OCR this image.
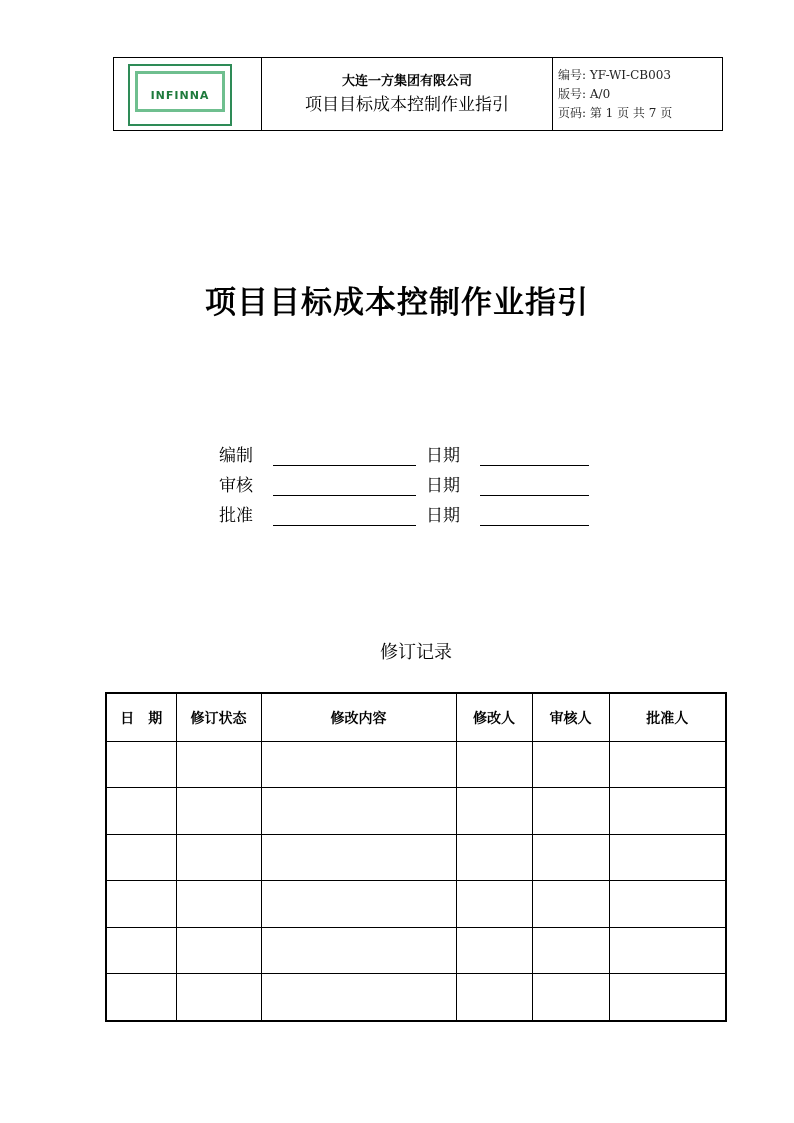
INFINNA

大连一方集团有限公司
项目目标成本控制作业指引

编号: YF-WI-CB003
版号: A/0
页码: 第 1 页 共 7 页
项目目标成本控制作业指引
编制	日期
审核	日期
批准	日期
修订记录
日　期	修订状态	修改内容	修改人	审核人	批准人
